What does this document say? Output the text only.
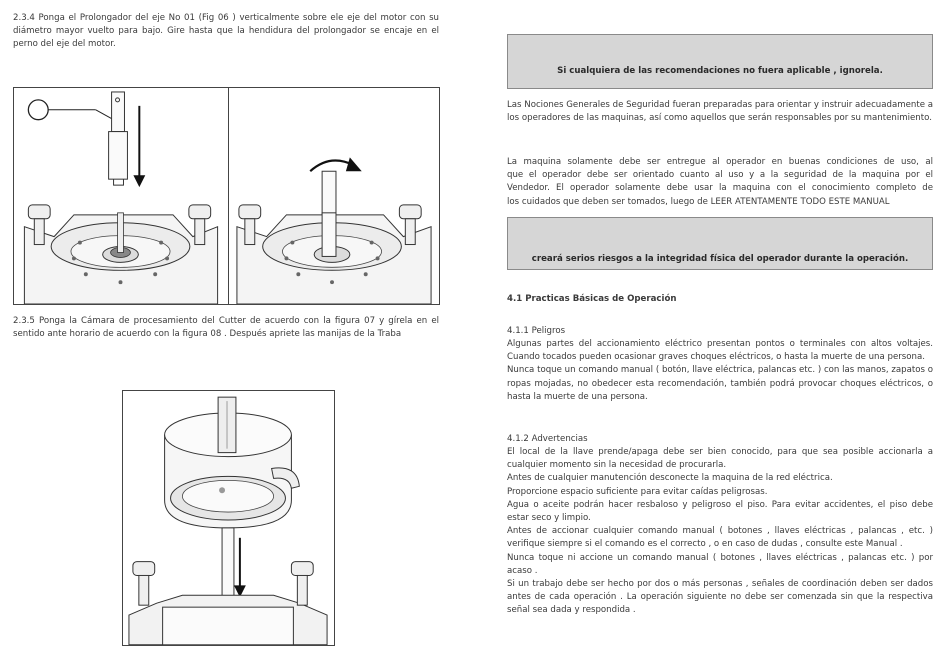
2.3.4 Ponga el Prolongador del eje No 01 (Fig 06 ) verticalmente sobre ele eje del motor con su diámetro mayor vuelto para bajo. Gire hasta que la hendidura del prolongador se encaje en el perno del eje del motor.
2.3.5 Ponga la Cámara de procesamiento del Cutter de acuerdo con la figura 07 y gírela en el sentido ante horario de acuerdo con la figura 08 . Después apriete las manijas de la Traba
Si cualquiera de las recomendaciones no fuera aplicable , ignorela.
Las Nociones Generales de Seguridad fueran preparadas para orientar y instruir adecuadamente a los operadores de las maquinas, así como aquellos que serán responsables por su mantenimiento.

La maquina solamente debe ser entregue al operador en buenas condiciones de uso, al

que el operador debe ser orientado cuanto al uso y a la seguridad de la maquina por el

Vendedor. El operador solamente debe usar la maquina con el conocimiento completo de

los cuidados que deben ser tomados, luego de LEER ATENTAMENTE TODO ESTE MANUAL

creará serios riesgos a la integridad física del operador durante la operación.
4.1 Practicas Básicas de Operación
4.1.1 Peligros

Algunas partes del accionamiento eléctrico presentan pontos o terminales con altos voltajes. Cuando tocados pueden ocasionar graves choques eléctricos, o hasta la muerte de una persona.

Nunca toque un comando manual ( botón, llave eléctrica, palancas etc. ) con las manos, zapatos o ropas mojadas, no obedecer esta recomendación, también podrá provocar choques eléctricos, o hasta la muerte de una persona.

4.1.2 Advertencias

El local de la llave prende/apaga debe ser bien conocido, para que sea posible accionarla a cualquier momento sin la necesidad de procurarla.

Antes de cualquier manutención desconecte la maquina de la red eléctrica.

Proporcione espacio suficiente para evitar caídas peligrosas.

Agua o aceite podrán hacer resbaloso y peligroso el piso. Para evitar accidentes, el piso debe estar seco y limpio.

Antes de accionar cualquier comando manual ( botones , llaves eléctricas , palancas , etc. ) verifique siempre si el comando es el correcto , o en caso de dudas , consulte este Manual .

Nunca toque ni accione un comando manual ( botones , llaves eléctricas , palancas etc. ) por acaso .

Si un trabajo debe ser hecho por dos o más personas , señales de coordinación deben ser dados antes de cada operación . La operación siguiente no debe ser comenzada sin que la respectiva señal sea dada y respondida .
